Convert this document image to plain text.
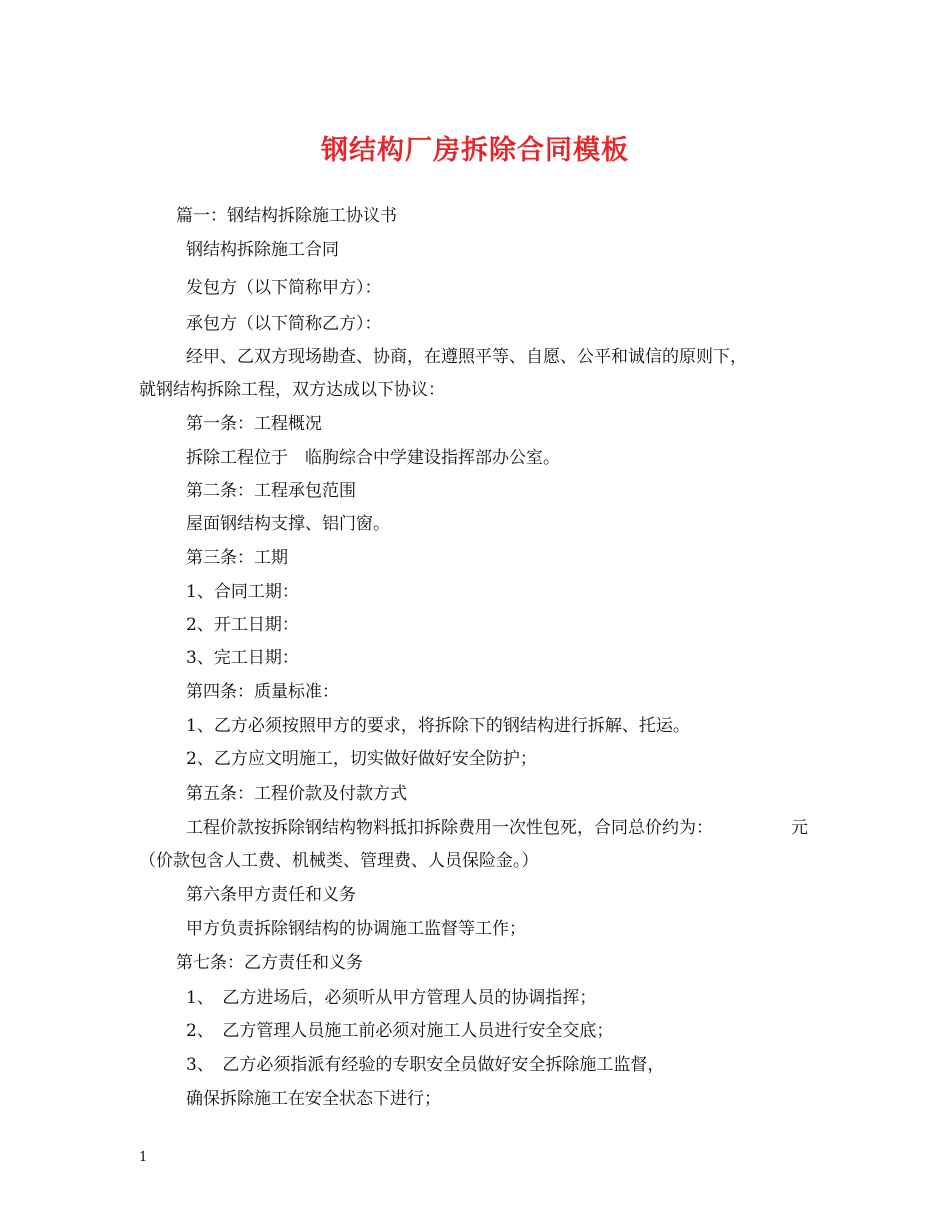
钢结构厂房拆除合同模板

篇一：钢结构拆除施工协议书

钢结构拆除施工合同

发包方（以下简称甲方）：

承包方（以下简称乙方）：

经甲、乙双方现场勘查、协商，在遵照平等、自愿、公平和诚信的原则下，

就钢结构拆除工程，双方达成以下协议：

第一条：工程概况

拆除工程位于　临朐综合中学建设指挥部办公室。

第二条：工程承包范围

屋面钢结构支撑、铝门窗。

第三条：工期

1、合同工期：

2、开工日期：

3、完工日期：

第四条：质量标准：

1、乙方必须按照甲方的要求，将拆除下的钢结构进行拆解、托运。

2、乙方应文明施工，切实做好做好安全防护；

第五条：工程价款及付款方式

工程价款按拆除钢结构物料抵扣拆除费用一次性包死，合同总价约为：	元

（价款包含人工费、机械类、管理费、人员保险金。）

第六条甲方责任和义务

甲方负责拆除钢结构的协调施工监督等工作；

第七条：乙方责任和义务

1、　乙方进场后，必须听从甲方管理人员的协调指挥；

2、　乙方管理人员施工前必须对施工人员进行安全交底；

3、　乙方必须指派有经验的专职安全员做好安全拆除施工监督，

确保拆除施工在安全状态下进行；

1
